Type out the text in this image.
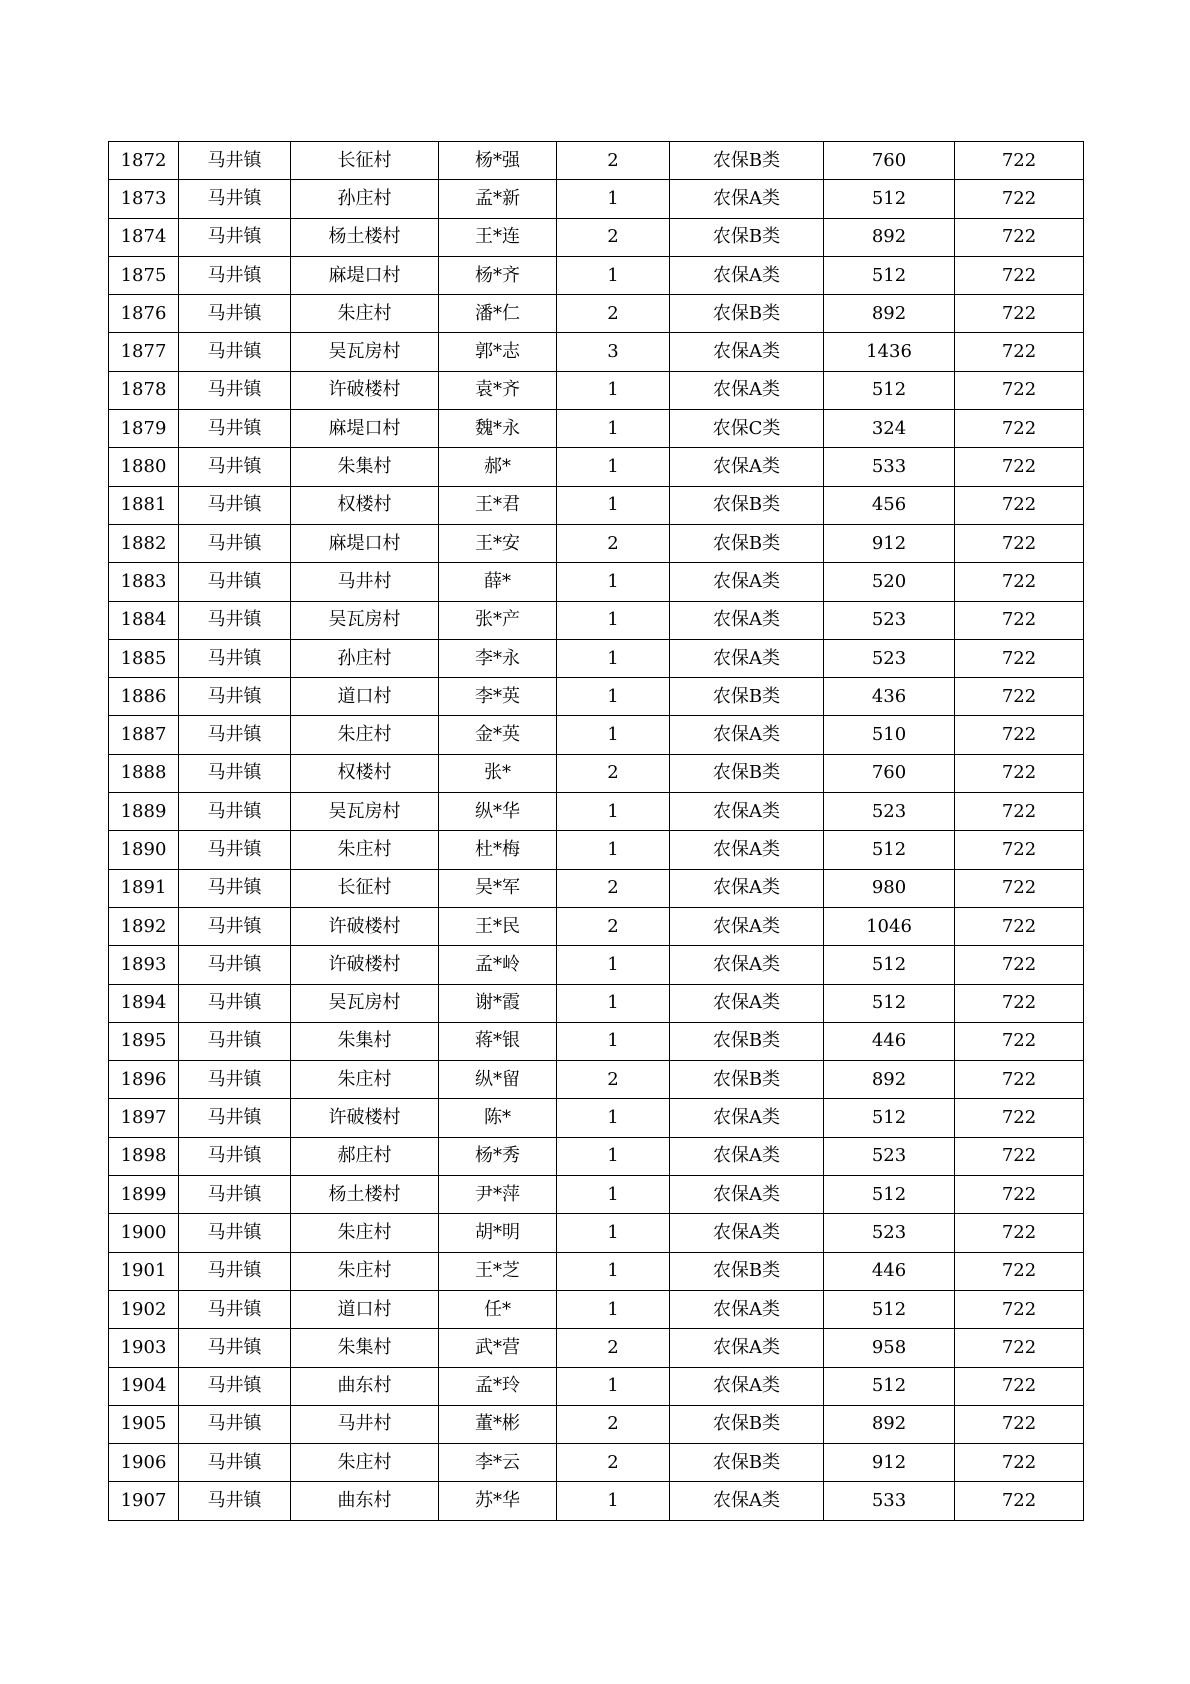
1872	马井镇	长征村	杨*强	2	农保B类	760	722
1873	马井镇	孙庄村	孟*新	1	农保A类	512	722
1874	马井镇	杨土楼村	王*连	2	农保B类	892	722
1875	马井镇	麻堤口村	杨*齐	1	农保A类	512	722
1876	马井镇	朱庄村	潘*仁	2	农保B类	892	722
1877	马井镇	吴瓦房村	郭*志	3	农保A类	1436	722
1878	马井镇	许破楼村	袁*齐	1	农保A类	512	722
1879	马井镇	麻堤口村	魏*永	1	农保C类	324	722
1880	马井镇	朱集村	郝*	1	农保A类	533	722
1881	马井镇	权楼村	王*君	1	农保B类	456	722
1882	马井镇	麻堤口村	王*安	2	农保B类	912	722
1883	马井镇	马井村	薛*	1	农保A类	520	722
1884	马井镇	吴瓦房村	张*产	1	农保A类	523	722
1885	马井镇	孙庄村	李*永	1	农保A类	523	722
1886	马井镇	道口村	李*英	1	农保B类	436	722
1887	马井镇	朱庄村	金*英	1	农保A类	510	722
1888	马井镇	权楼村	张*	2	农保B类	760	722
1889	马井镇	吴瓦房村	纵*华	1	农保A类	523	722
1890	马井镇	朱庄村	杜*梅	1	农保A类	512	722
1891	马井镇	长征村	吴*军	2	农保A类	980	722
1892	马井镇	许破楼村	王*民	2	农保A类	1046	722
1893	马井镇	许破楼村	孟*岭	1	农保A类	512	722
1894	马井镇	吴瓦房村	谢*霞	1	农保A类	512	722
1895	马井镇	朱集村	蒋*银	1	农保B类	446	722
1896	马井镇	朱庄村	纵*留	2	农保B类	892	722
1897	马井镇	许破楼村	陈*	1	农保A类	512	722
1898	马井镇	郝庄村	杨*秀	1	农保A类	523	722
1899	马井镇	杨土楼村	尹*萍	1	农保A类	512	722
1900	马井镇	朱庄村	胡*明	1	农保A类	523	722
1901	马井镇	朱庄村	王*芝	1	农保B类	446	722
1902	马井镇	道口村	任*	1	农保A类	512	722
1903	马井镇	朱集村	武*营	2	农保A类	958	722
1904	马井镇	曲东村	孟*玲	1	农保A类	512	722
1905	马井镇	马井村	董*彬	2	农保B类	892	722
1906	马井镇	朱庄村	李*云	2	农保B类	912	722
1907	马井镇	曲东村	苏*华	1	农保A类	533	722
